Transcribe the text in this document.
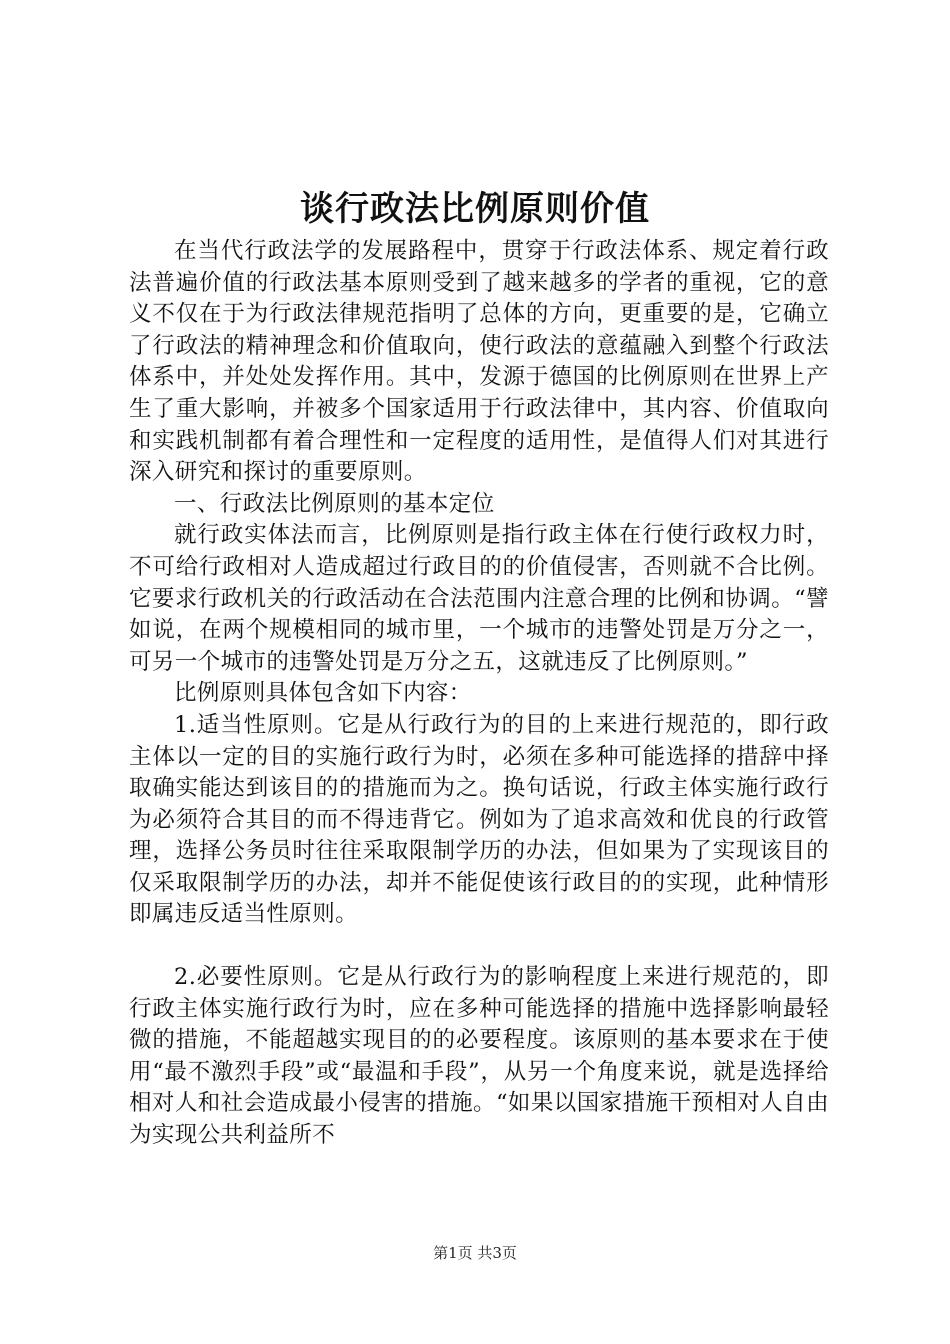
谈行政法比例原则价值

在当代行政法学的发展路程中，贯穿于行政法体系、规定着行政法普遍价值的行政法基本原则受到了越来越多的学者的重视，它的意义不仅在于为行政法律规范指明了总体的方向，更重要的是，它确立了行政法的精神理念和价值取向，使行政法的意蕴融入到整个行政法体系中，并处处发挥作用。其中，发源于德国的比例原则在世界上产生了重大影响，并被多个国家适用于行政法律中，其内容、价值取向和实践机制都有着合理性和一定程度的适用性，是值得人们对其进行深入研究和探讨的重要原则。

一、行政法比例原则的基本定位

就行政实体法而言，比例原则是指行政主体在行使行政权力时，不可给行政相对人造成超过行政目的的价值侵害，否则就不合比例。它要求行政机关的行政活动在合法范围内注意合理的比例和协调。“譬如说，在两个规模相同的城市里，一个城市的违警处罚是万分之一，可另一个城市的违警处罚是万分之五，这就违反了比例原则。”

比例原则具体包含如下内容：

1.适当性原则。它是从行政行为的目的上来进行规范的，即行政主体以一定的目的实施行政行为时，必须在多种可能选择的措辞中择取确实能达到该目的的措施而为之。换句话说，行政主体实施行政行为必须符合其目的而不得违背它。例如为了追求高效和优良的行政管理，选择公务员时往往采取限制学历的办法，但如果为了实现该目的仅采取限制学历的办法，却并不能促使该行政目的的实现，此种情形即属违反适当性原则。

2.必要性原则。它是从行政行为的影响程度上来进行规范的，即行政主体实施行政行为时，应在多种可能选择的措施中选择影响最轻微的措施，不能超越实现目的的必要程度。该原则的基本要求在于使用“最不激烈手段”或“最温和手段”，从另一个角度来说，就是选择给相对人和社会造成最小侵害的措施。“如果以国家措施干预相对人自由为实现公共利益所不

第1页 共3页
